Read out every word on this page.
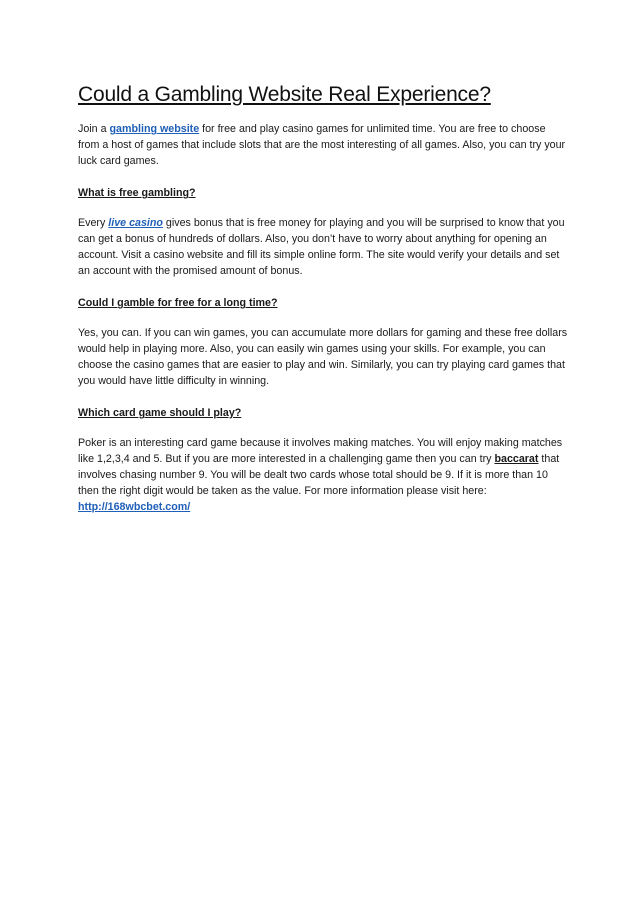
Could a Gambling Website Real Experience?

Join a gambling website for free and play casino games for unlimited time. You are free to choose from a host of games that include slots that are the most interesting of all games. Also, you can try your luck card games.

What is free gambling?

Every live casino gives bonus that is free money for playing and you will be surprised to know that you can get a bonus of hundreds of dollars. Also, you don’t have to worry about anything for opening an account. Visit a casino website and fill its simple online form. The site would verify your details and set an account with the promised amount of bonus.

Could I gamble for free for a long time?

Yes, you can. If you can win games, you can accumulate more dollars for gaming and these free dollars would help in playing more. Also, you can easily win games using your skills. For example, you can choose the casino games that are easier to play and win. Similarly, you can try playing card games that you would have little difficulty in winning.

Which card game should I play?

Poker is an interesting card game because it involves making matches. You will enjoy making matches like 1,2,3,4 and 5. But if you are more interested in a challenging game then you can try baccarat that involves chasing number 9. You will be dealt two cards whose total should be 9. If it is more than 10 then the right digit would be taken as the value. For more information please visit here: http://168wbcbet.com/
